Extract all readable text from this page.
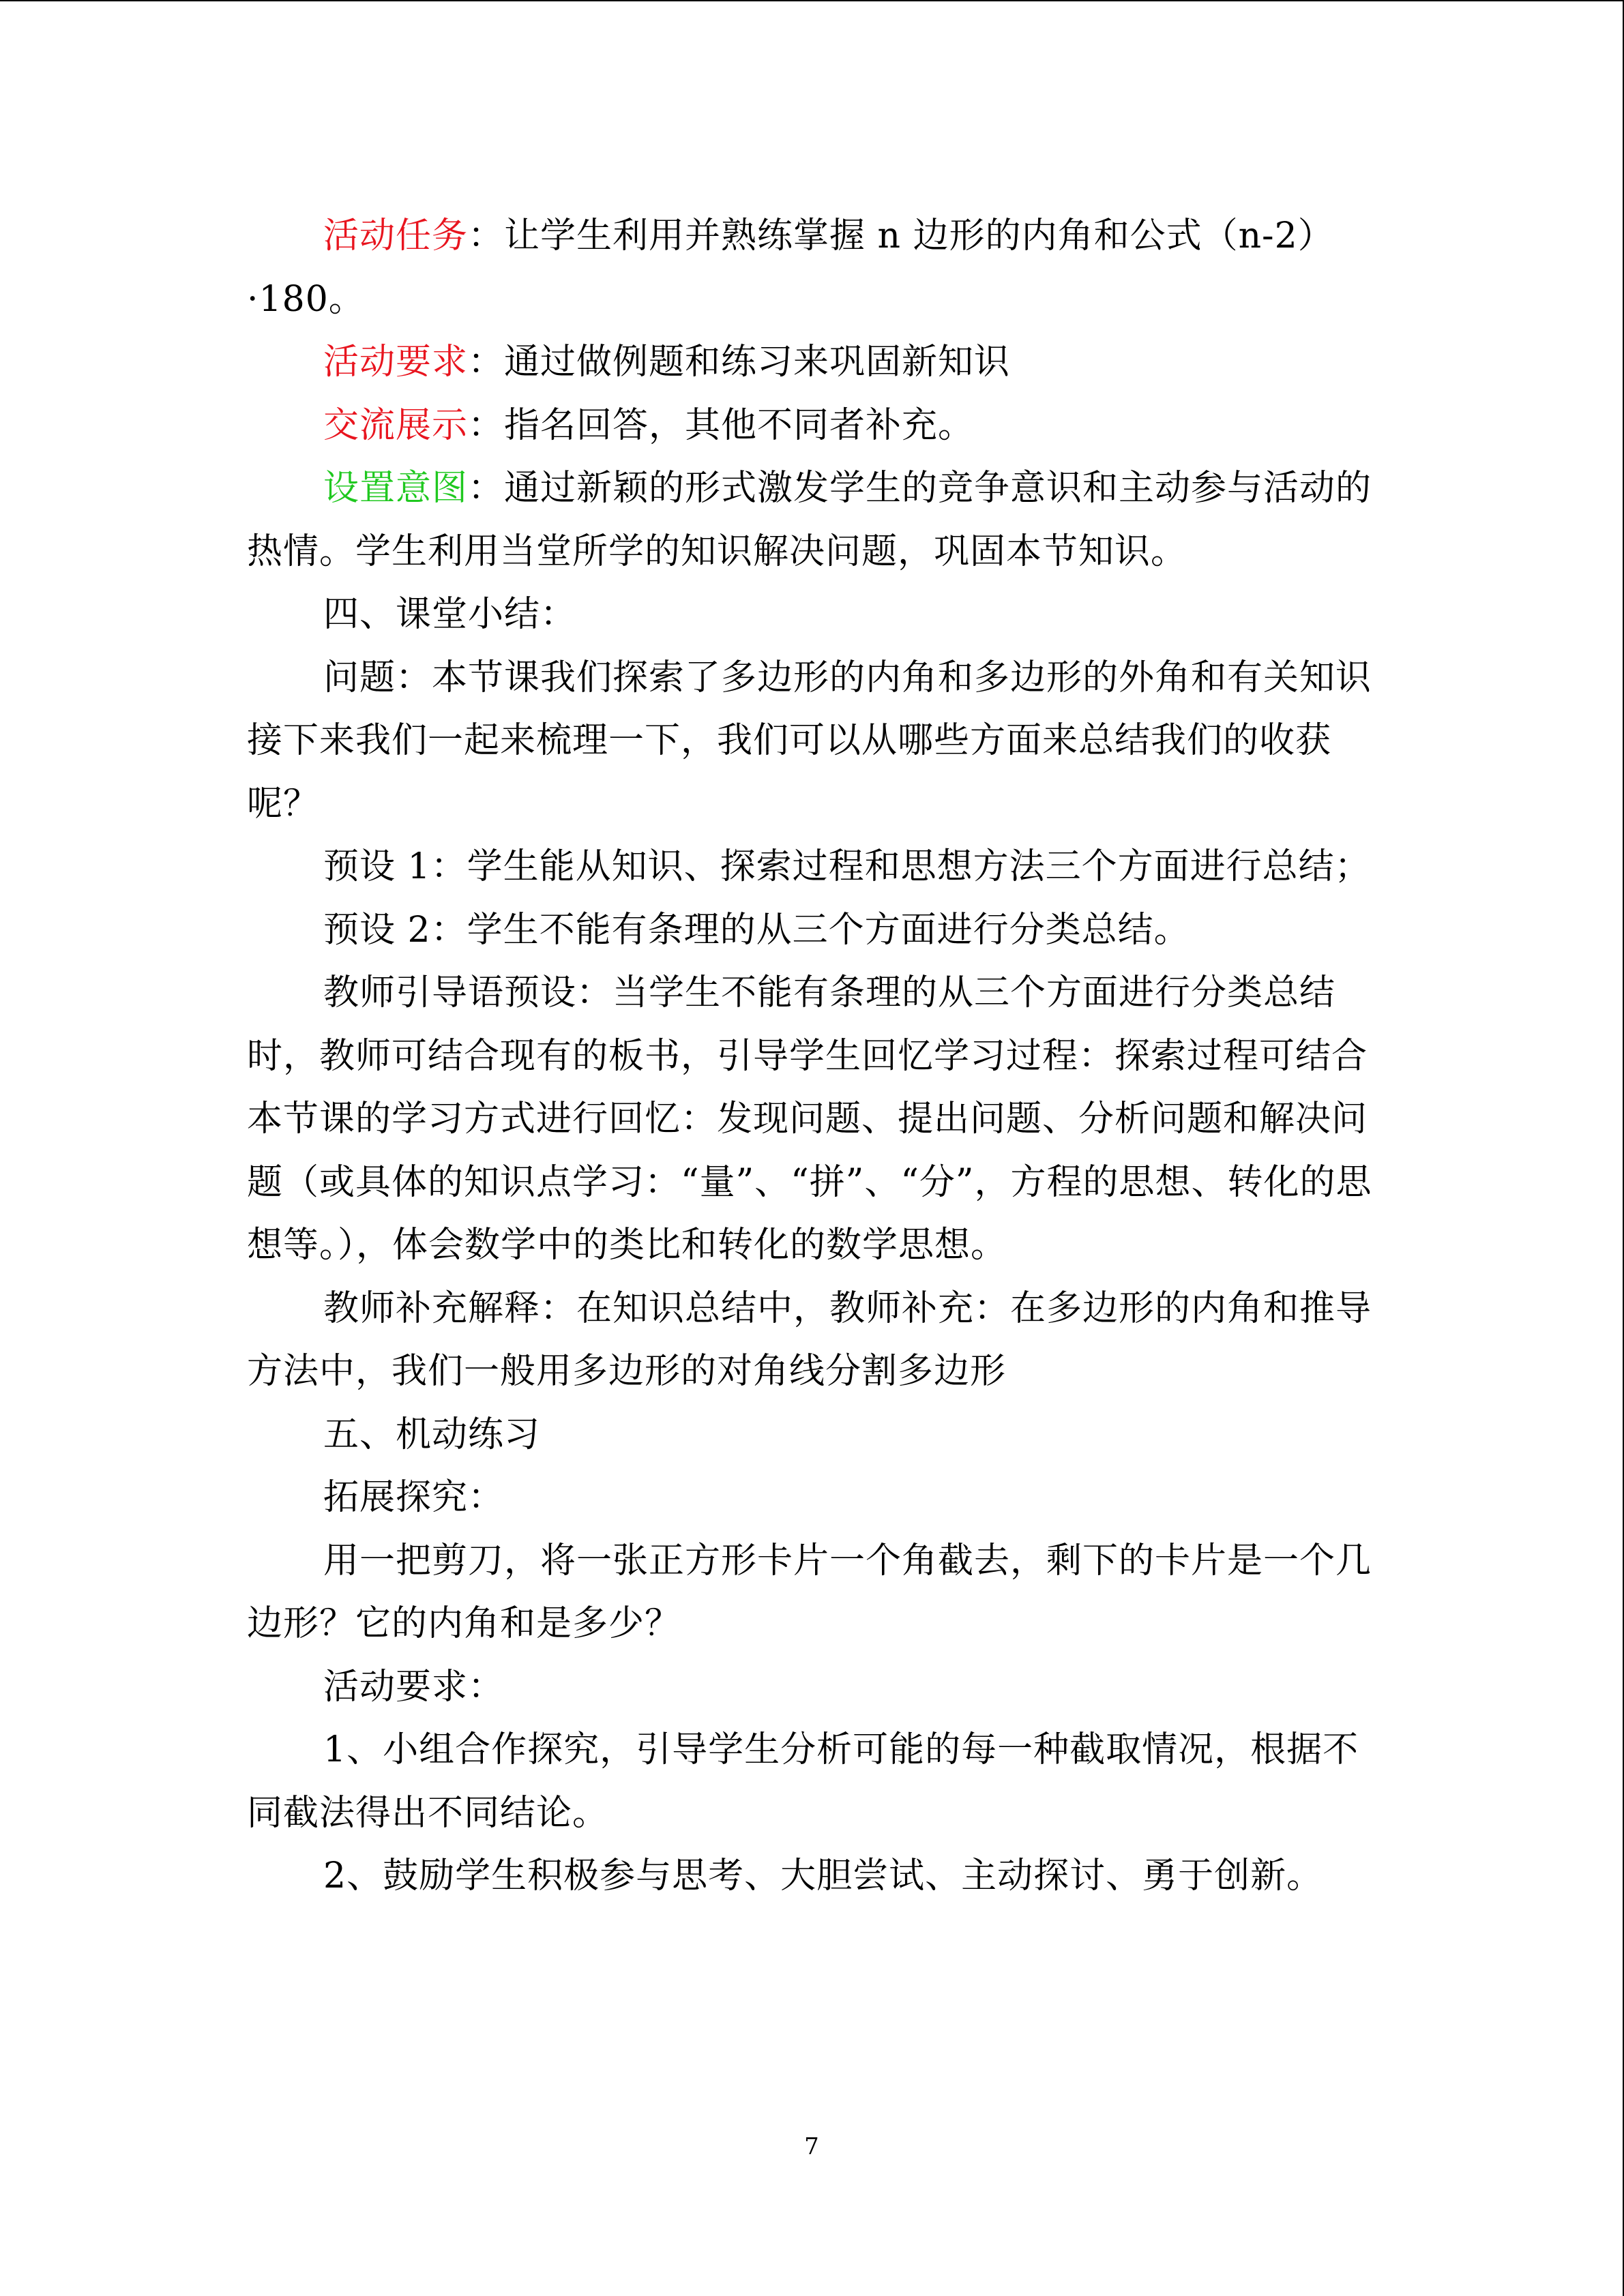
活动任务：让学生利用并熟练掌握 n 边形的内角和公式（n-2）·180。

活动要求：通过做例题和练习来巩固新知识

交流展示：指名回答，其他不同者补充。

设置意图：通过新颖的形式激发学生的竞争意识和主动参与活动的热情。学生利用当堂所学的知识解决问题，巩固本节知识。

四、课堂小结：

问题：本节课我们探索了多边形的内角和多边形的外角和有关知识接下来我们一起来梳理一下，我们可以从哪些方面来总结我们的收获呢？

预设 1：学生能从知识、探索过程和思想方法三个方面进行总结；

预设 2：学生不能有条理的从三个方面进行分类总结。

教师引导语预设：当学生不能有条理的从三个方面进行分类总结时，教师可结合现有的板书，引导学生回忆学习过程：探索过程可结合本节课的学习方式进行回忆：发现问题、提出问题、分析问题和解决问题（或具体的知识点学习：“量”、“拼”、“分”，方程的思想、转化的思想等。），体会数学中的类比和转化的数学思想。

教师补充解释：在知识总结中，教师补充：在多边形的内角和推导方法中，我们一般用多边形的对角线分割多边形

五、机动练习

拓展探究：

用一把剪刀，将一张正方形卡片一个角截去，剩下的卡片是一个几边形？它的内角和是多少？

活动要求：

1、小组合作探究，引导学生分析可能的每一种截取情况，根据不同截法得出不同结论。

2、鼓励学生积极参与思考、大胆尝试、主动探讨、勇于创新。

7
